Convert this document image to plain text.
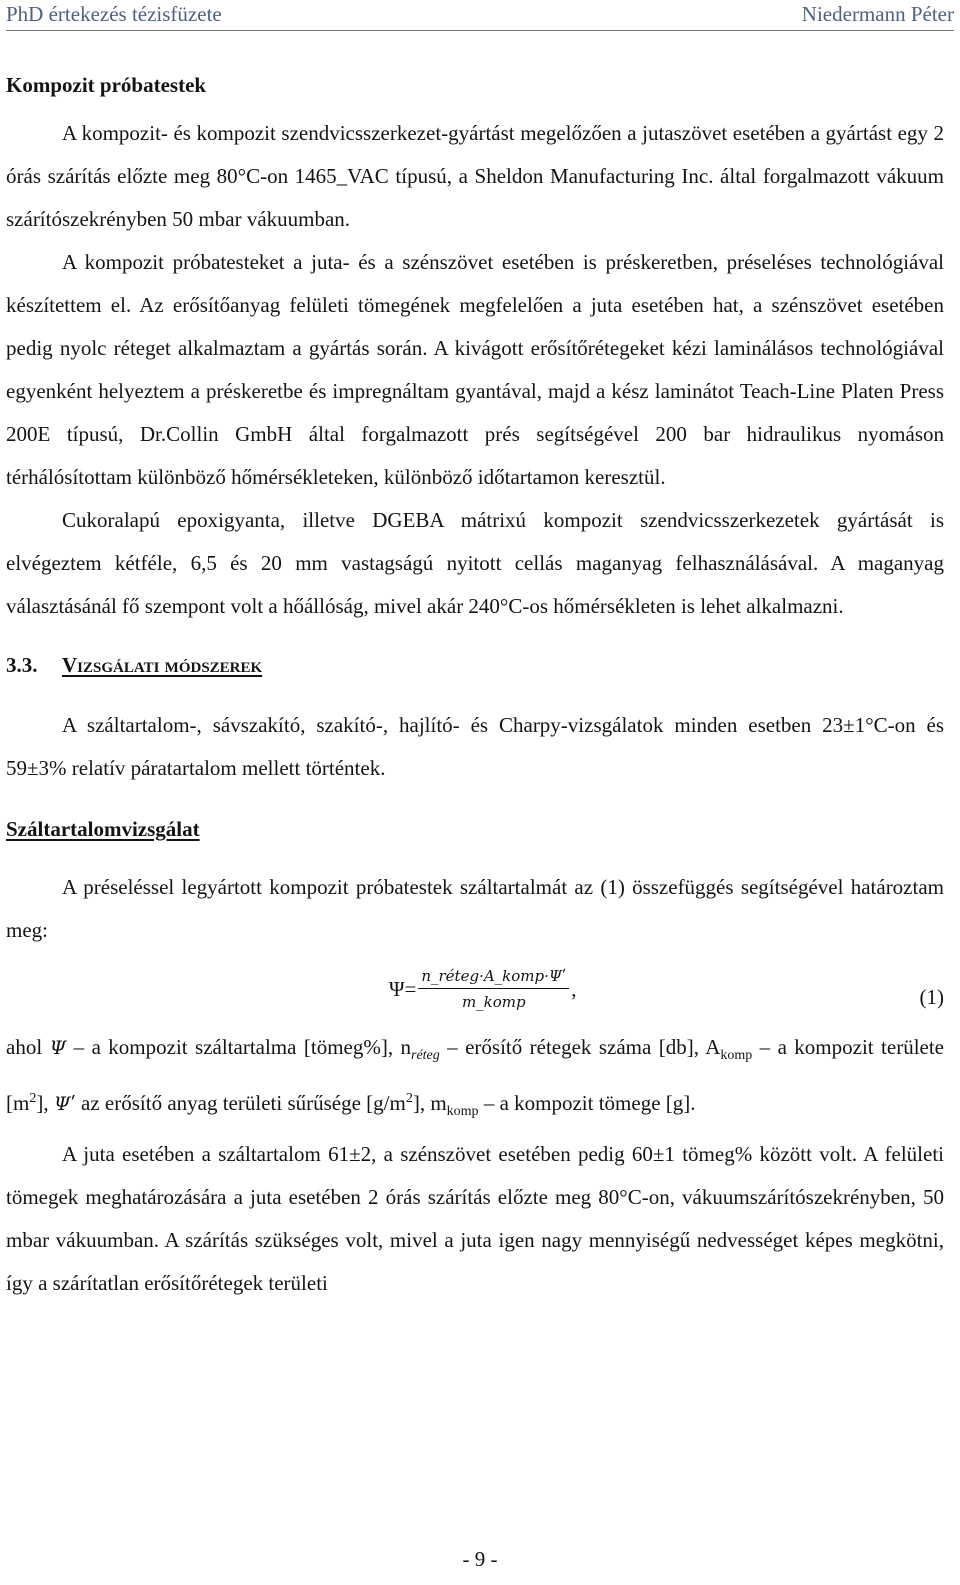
PhD értekezés tézisfüzete	Niedermann Péter
Kompozit próbatestek

A kompozit- és kompozit szendvicsszerkezet-gyártást megelőzően a jutaszövet esetében a gyártást egy 2 órás szárítás előzte meg 80°C-on 1465_VAC típusú, a Sheldon Manufacturing Inc. által forgalmazott vákuum szárítószekrényben 50 mbar vákuumban.

A kompozit próbatesteket a juta- és a szénszövet esetében is préskeretben, préseléses technológiával készítettem el. Az erősítőanyag felületi tömegének megfelelően a juta esetében hat, a szénszövet esetében pedig nyolc réteget alkalmaztam a gyártás során. A kivágott erősítőrétegeket kézi laminálásos technológiával egyenként helyeztem a préskeretbe és impregnáltam gyantával, majd a kész laminátot Teach-Line Platen Press 200E típusú, Dr.Collin GmbH által forgalmazott prés segítségével 200 bar hidraulikus nyomáson térhálósítottam különböző hőmérsékleteken, különböző időtartamon keresztül.

Cukoralapú epoxigyanta, illetve DGEBA mátrixú kompozit szendvicsszerkezetek gyártását is elvégeztem kétféle, 6,5 és 20 mm vastagságú nyitott cellás maganyag felhasználásával. A maganyag választásánál fő szempont volt a hőállóság, mivel akár 240°C-os hőmérsékleten is lehet alkalmazni.

3.3. Vizsgálati módszerek

A száltartalom-, sávszakító, szakító-, hajlító- és Charpy-vizsgálatok minden esetben 23±1°C-on és 59±3% relatív páratartalom mellett történtek.

Száltartalomvizsgálat

A préseléssel legyártott kompozit próbatestek száltartalmát az (1) összefüggés segítségével határoztam meg:

$\Psi= \frac{\text{n\_réteg·A\_komp·Ψʹ}}{\text{m\_komp}}$ ,	(1)

ahol Ψ – a kompozit száltartalma [tömeg%], $n_{réteg}$ – erősítő rétegek száma [db], $A_{komp}$ – a kompozit területe $[m^2]$, Ψʹ az erősítő anyag területi sűrűsége $[g/m^2]$, $m_{komp}$ – a kompozit tömege [g].

A juta esetében a száltartalom 61±2, a szénszövet esetében pedig 60±1 tömeg% között volt. A felületi tömegek meghatározására a juta esetében 2 órás szárítás előzte meg 80°C-on, vákuumszárítószekrényben, 50 mbar vákuumban. A szárítás szükséges volt, mivel a juta igen nagy mennyiségű nedvességet képes megkötni, így a szárítatlan erősítőrétegek területi

- 9 -
